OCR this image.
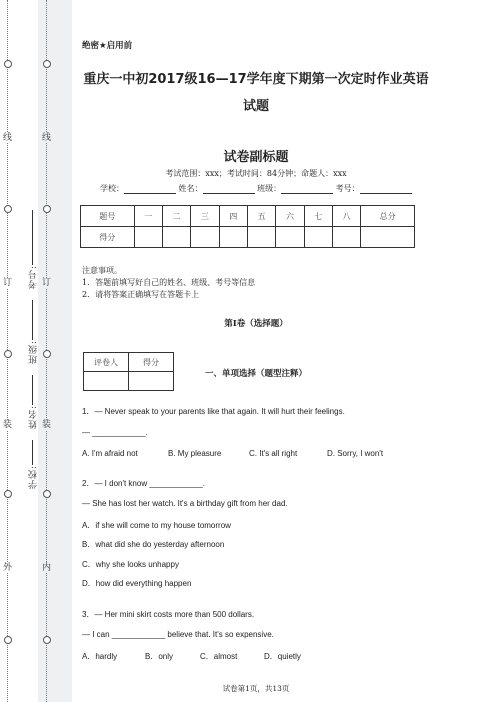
线
订
装
外
线
订
装
内
学校:
姓名:
班级:
考号:
绝密★启用前
重庆一中初2017级16—17学年度下期第一次定时作业英语
试题
试卷副标题
考试范围：xxx；考试时间：84分钟；命题人：xxx
学校：	姓名：	班级：	考号：
题号	一	二	三	四	五	六	七	八	总分
得分									
注意事项。
1．答题前填写好自己的姓名、班级、考号等信息
2．请将答案正确填写在答题卡上
第I卷（选择题）
评卷人	得分

一、单项选择（题型注释）
1．— Never speak to your parents like that again. It will hurt their feelings.
— ____________.
A. I'm afraid not	B. My pleasure	C. It's all right	D. Sorry, I won't
2．— I don't know ____________.
— She has lost her watch. It's a birthday gift from her dad.
A．if she will come to my house tomorrow
B．what did she do yesterday afternoon
C．why she looks unhappy
D．how did everything happen
3．— Her mini skirt costs more than 500 dollars.
— I can ____________ believe that. It's so expensive.
A．hardly	B．only	C．almost	D．quietly
试卷第1页，共13页
